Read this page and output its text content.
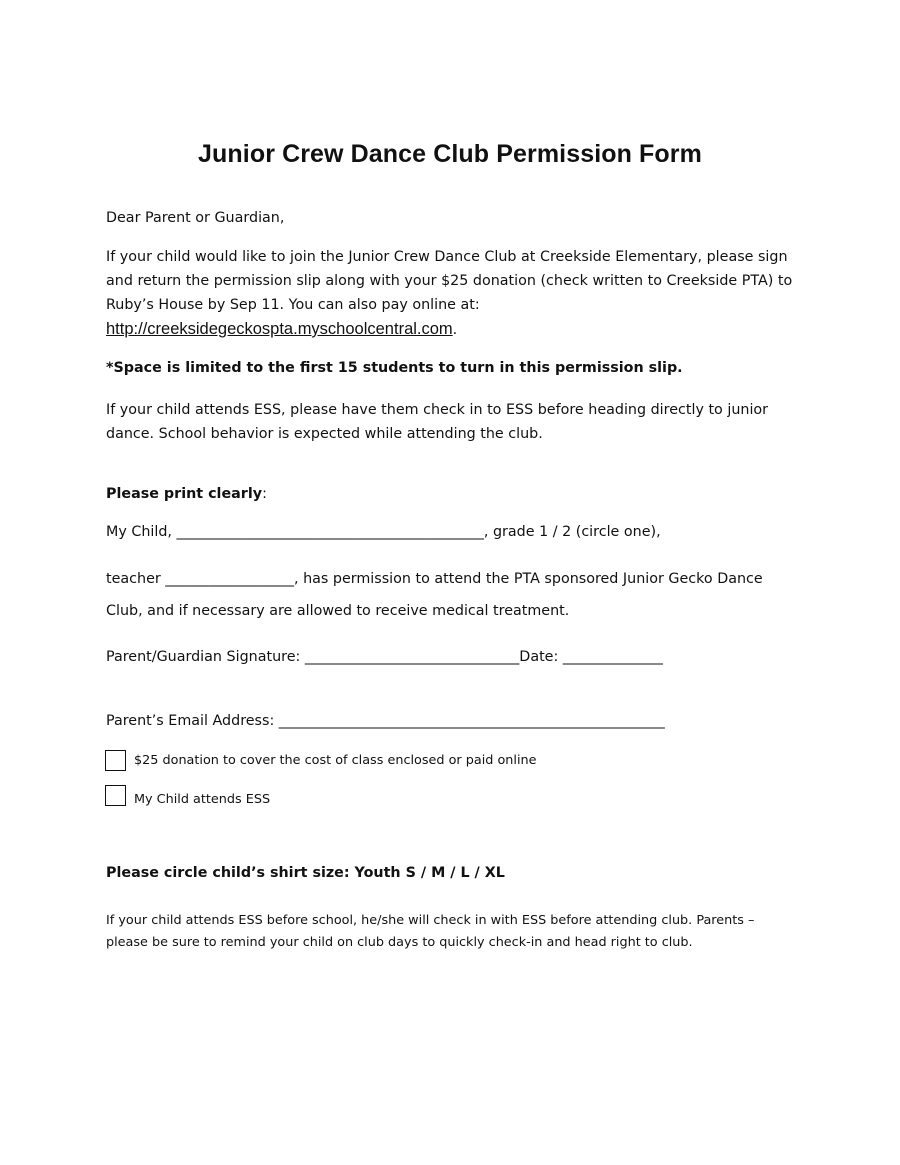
Junior Crew Dance Club Permission Form
Dear Parent or Guardian,
If your child would like to join the Junior Crew Dance Club at Creekside Elementary, please sign
and return the permission slip along with your $25 donation (check written to Creekside PTA) to
Ruby’s House by Sep 11. You can also pay online at:
http://creeksidegeckospta.myschoolcentral.com.
*Space is limited to the first 15 students to turn in this permission slip.
If your child attends ESS, please have them check in to ESS before heading directly to junior
dance. School behavior is expected while attending the club.
Please print clearly:
My Child, ___________________________________________, grade 1 / 2 (circle one),
teacher __________________, has permission to attend the PTA sponsored Junior Gecko Dance
Club, and if necessary are allowed to receive medical treatment.
Parent/Guardian Signature: ______________________________Date: ______________
Parent’s Email Address: ______________________________________________________
$25 donation to cover the cost of class enclosed or paid online
My Child attends ESS
Please circle child’s shirt size: Youth S / M / L / XL
If your child attends ESS before school, he/she will check in with ESS before attending club. Parents –
please be sure to remind your child on club days to quickly check-in and head right to club.
